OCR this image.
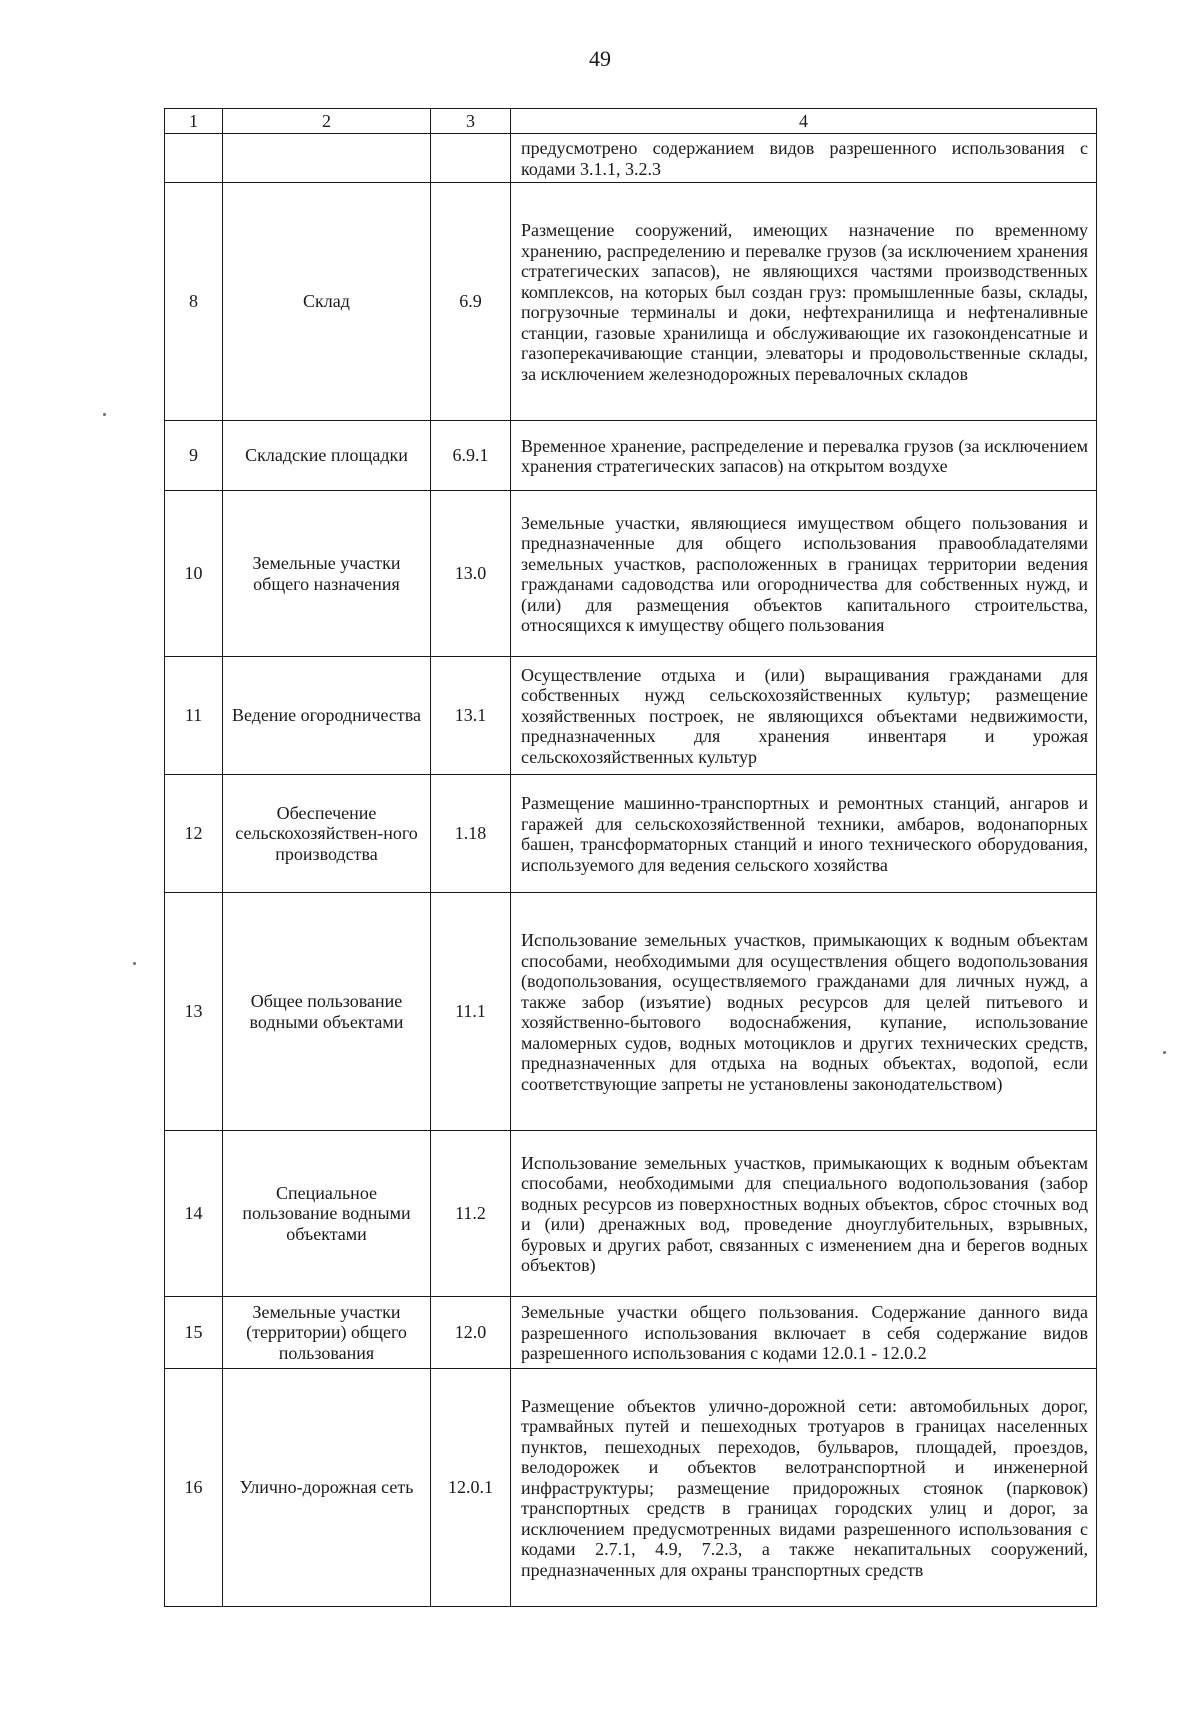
49
1	2	3	4
			предусмотрено содержанием видов разрешенного использования с кодами 3.1.1, 3.2.3
8	Склад	6.9	Размещение сооружений, имеющих назначение по временному хранению, распределению и перевалке грузов (за исключением хранения стратегических запасов), не являющихся частями производственных комплексов, на которых был создан груз: промышленные базы, склады, погрузочные терминалы и доки, нефтехранилища и нефтеналивные станции, газовые хранилища и обслуживающие их газоконденсатные и газоперекачивающие станции, элеваторы и продовольственные склады, за исключением железнодорожных перевалочных складов
9	Складские площадки	6.9.1	Временное хранение, распределение и перевалка грузов (за исключением хранения стратегических запасов) на открытом воздухе
10	Земельные участки общего назначения	13.0	Земельные участки, являющиеся имуществом общего пользования и предназначенные для общего использования правообладателями земельных участков, расположенных в границах территории ведения гражданами садоводства или огородничества для собственных нужд, и (или) для размещения объектов капитального строительства, относящихся к имуществу общего пользования
11	Ведение огородничества	13.1	Осуществление отдыха и (или) выращивания гражданами для собственных нужд сельскохозяйственных культур; размещение хозяйственных построек, не являющихся объектами недвижимости, предназначенных для хранения инвентаря и урожая сельскохозяйственных культур
12	Обеспечение сельскохозяйствен-ного производства	1.18	Размещение машинно-транспортных и ремонтных станций, ангаров и гаражей для сельскохозяйственной техники, амбаров, водонапорных башен, трансформаторных станций и иного технического оборудования, используемого для ведения сельского хозяйства
13	Общее пользование водными объектами	11.1	Использование земельных участков, примыкающих к водным объектам способами, необходимыми для осуществления общего водопользования (водопользования, осуществляемого гражданами для личных нужд, а также забор (изъятие) водных ресурсов для целей питьевого и хозяйственно-бытового водоснабжения, купание, использование маломерных судов, водных мотоциклов и других технических средств, предназначенных для отдыха на водных объектах, водопой, если соответствующие запреты не установлены законодательством)
14	Специальное пользование водными объектами	11.2	Использование земельных участков, примыкающих к водным объектам способами, необходимыми для специального водопользования (забор водных ресурсов из поверхностных водных объектов, сброс сточных вод и (или) дренажных вод, проведение дноуглубительных, взрывных, буровых и других работ, связанных с изменением дна и берегов водных объектов)
15	Земельные участки (территории) общего пользования	12.0	Земельные участки общего пользования. Содержание данного вида разрешенного использования включает в себя содержание видов разрешенного использования с кодами 12.0.1 - 12.0.2
16	Улично-дорожная сеть	12.0.1	Размещение объектов улично-дорожной сети: автомобильных дорог, трамвайных путей и пешеходных тротуаров в границах населенных пунктов, пешеходных переходов, бульваров, площадей, проездов, велодорожек и объектов велотранспортной и инженерной инфраструктуры; размещение придорожных стоянок (парковок) транспортных средств в границах городских улиц и дорог, за исключением предусмотренных видами разрешенного использования с кодами 2.7.1, 4.9, 7.2.3, а также некапитальных сооружений, предназначенных для охраны транспортных средств
